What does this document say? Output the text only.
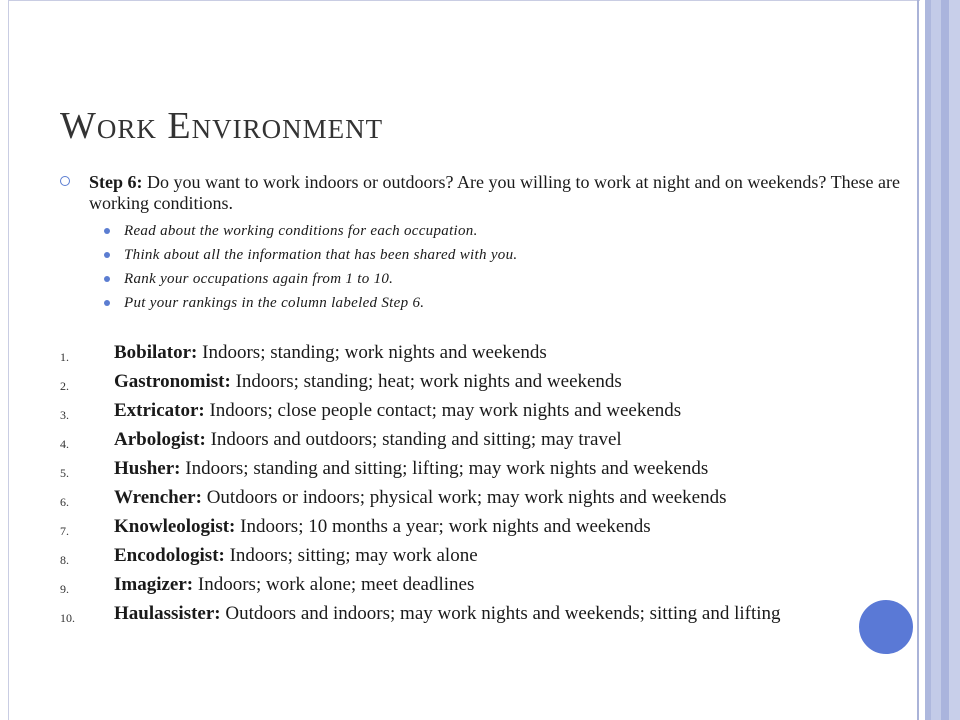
Work Environment
Step 6: Do you want to work indoors or outdoors? Are you willing to work at night and on weekends? These are working conditions.
Read about the working conditions for each occupation.
Think about all the information that has been shared with you.
Rank your occupations again from 1 to 10.
Put your rankings in the column labeled Step 6.
1. Bobilator: Indoors; standing; work nights and weekends
2. Gastronomist: Indoors; standing; heat; work nights and weekends
3. Extricator: Indoors; close people contact; may work nights and weekends
4. Arbologist: Indoors and outdoors; standing and sitting; may travel
5. Husher: Indoors; standing and sitting; lifting; may work nights and weekends
6. Wrencher: Outdoors or indoors; physical work; may work nights and weekends
7. Knowleologist: Indoors; 10 months a year; work nights and weekends
8. Encodologist: Indoors; sitting; may work alone
9. Imagizer: Indoors; work alone; meet deadlines
10. Haulassister: Outdoors and indoors; may work nights and weekends; sitting and lifting
